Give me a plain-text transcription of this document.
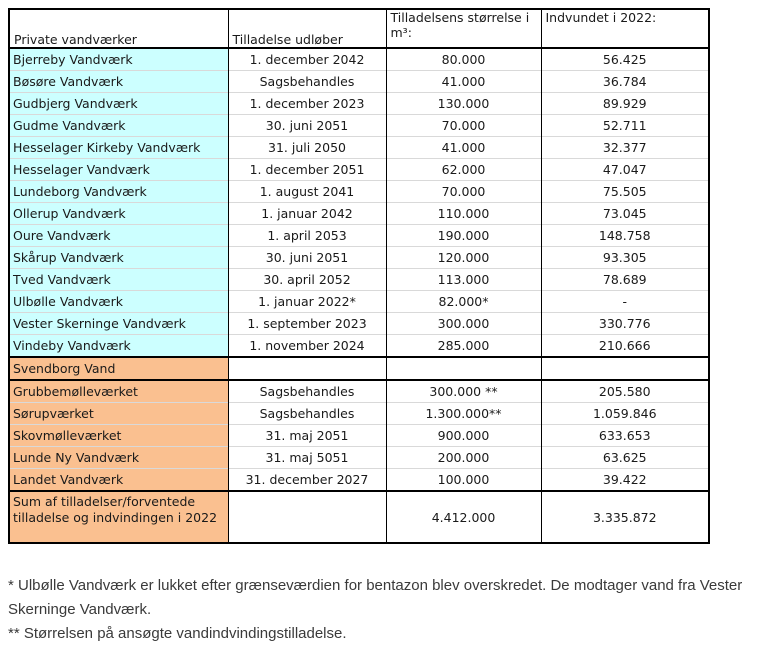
Private vandværker	Tilladelse udløber	Tilladelsens størrelse i m³:	Indvundet i 2022:
Bjerreby Vandværk	1. december 2042	80.000	56.425
Bøsøre Vandværk	Sagsbehandles	41.000	36.784
Gudbjerg Vandværk	1. december 2023	130.000	89.929
Gudme Vandværk	30. juni 2051	70.000	52.711
Hesselager Kirkeby Vandværk	31. juli 2050	41.000	32.377
Hesselager Vandværk	1. december 2051	62.000	47.047
Lundeborg Vandværk	1. august 2041	70.000	75.505
Ollerup Vandværk	1. januar 2042	110.000	73.045
Oure Vandværk	1. april 2053	190.000	148.758
Skårup Vandværk	30. juni 2051	120.000	93.305
Tved Vandværk	30. april 2052	113.000	78.689
Ulbølle Vandværk	1. januar 2022*	82.000*	-
Vester Skerninge Vandværk	1. september 2023	300.000	330.776
Vindeby Vandværk	1. november 2024	285.000	210.666
Svendborg Vand			
Grubbemølleværket	Sagsbehandles	300.000 **	205.580
Sørupværket	Sagsbehandles	1.300.000**	1.059.846
Skovmølleværket	31. maj 2051	900.000	633.653
Lunde Ny Vandværk	31. maj 5051	200.000	63.625
Landet Vandværk	31. december 2027	100.000	39.422
Sum af tilladelser/forventede tilladelse og indvindingen i 2022		4.412.000	3.335.872

* Ulbølle Vandværk er lukket efter grænseværdien for bentazon blev overskredet. De modtager vand fra Vester Skerninge Vandværk.

** Størrelsen på ansøgte vandindvindingstilladelse.
